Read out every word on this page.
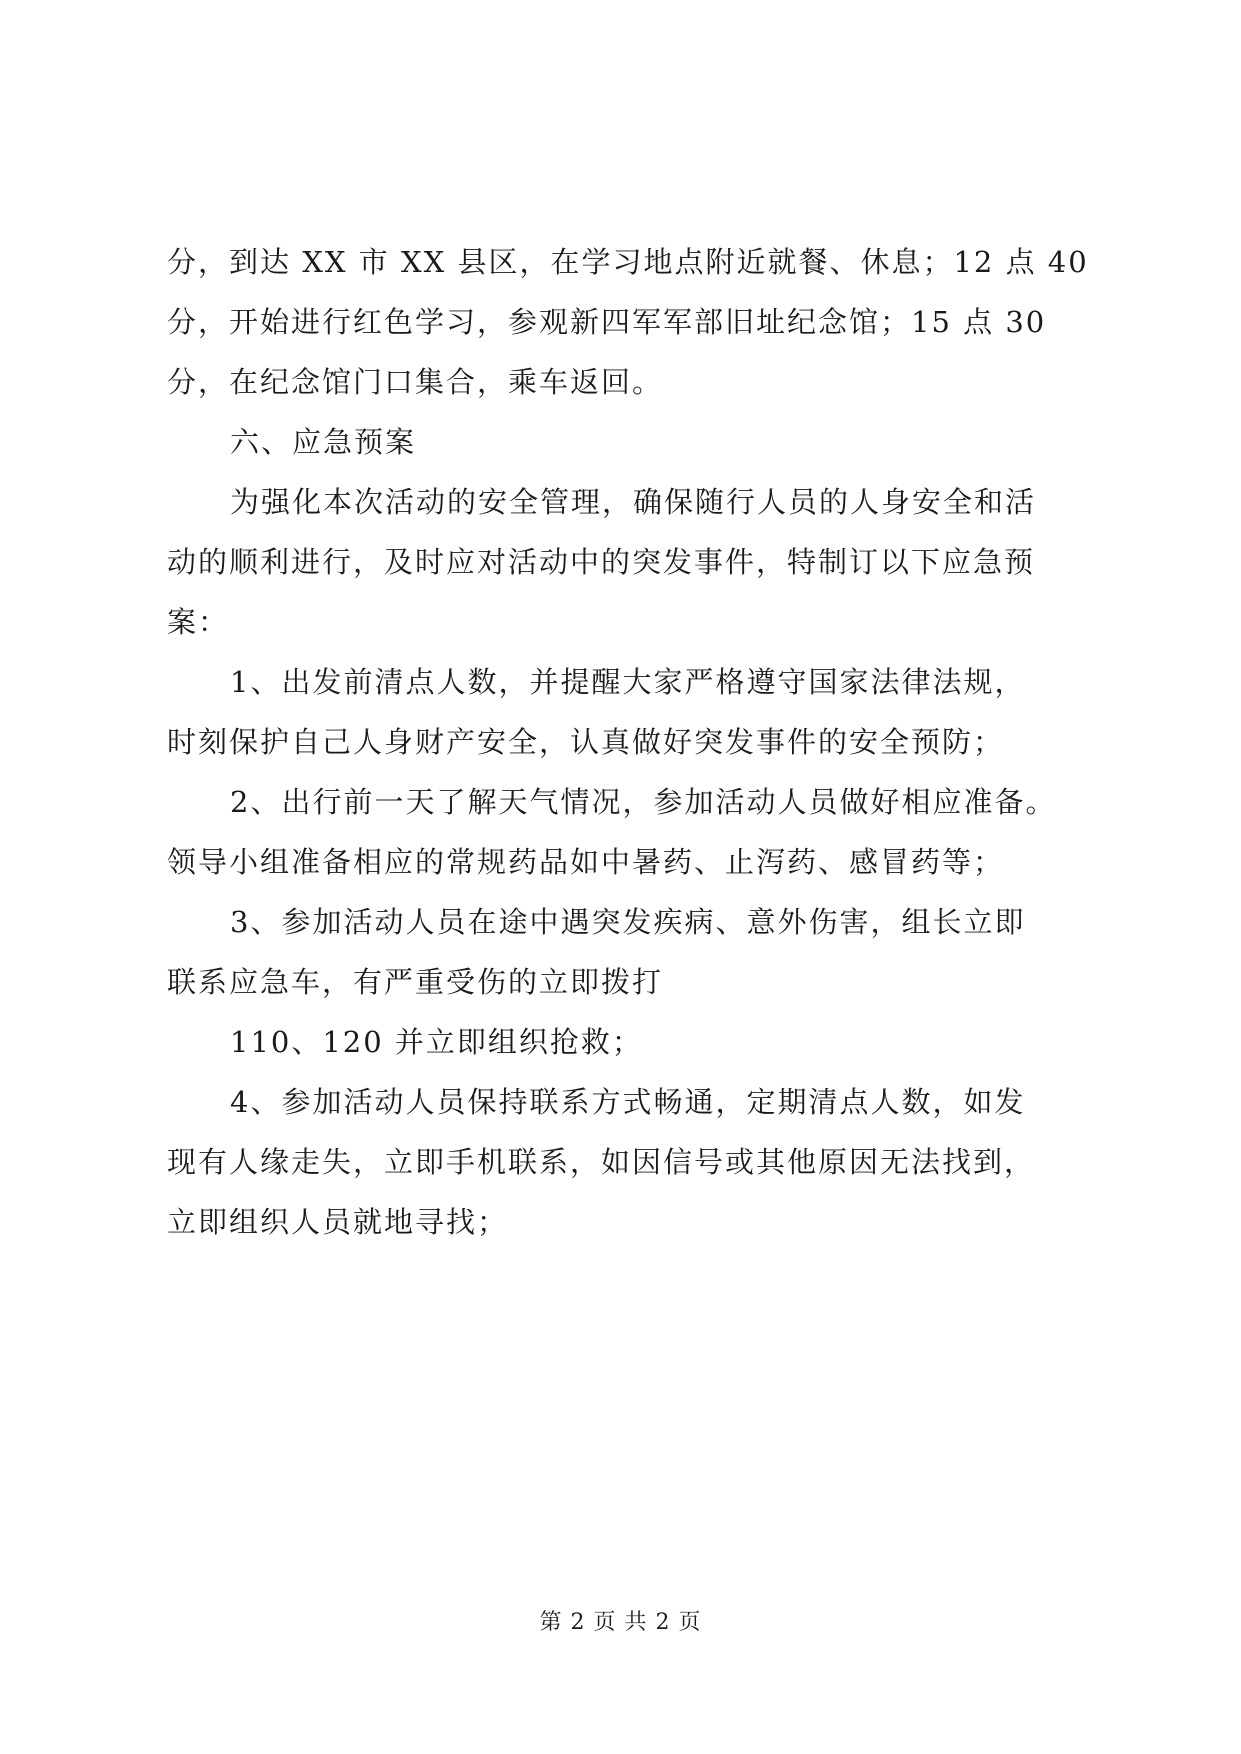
分，到达 XX 市 XX 县区，在学习地点附近就餐、休息；12 点 40
分，开始进行红色学习，参观新四军军部旧址纪念馆；15 点 30
分，在纪念馆门口集合，乘车返回。
六、应急预案
为强化本次活动的安全管理，确保随行人员的人身安全和活
动的顺利进行，及时应对活动中的突发事件，特制订以下应急预
案：
1、出发前清点人数，并提醒大家严格遵守国家法律法规，
时刻保护自己人身财产安全，认真做好突发事件的安全预防；
2、出行前一天了解天气情况，参加活动人员做好相应准备。
领导小组准备相应的常规药品如中暑药、止泻药、感冒药等；
3、参加活动人员在途中遇突发疾病、意外伤害，组长立即
联系应急车，有严重受伤的立即拨打
110、120 并立即组织抢救；
4、参加活动人员保持联系方式畅通，定期清点人数，如发
现有人缘走失，立即手机联系，如因信号或其他原因无法找到，
立即组织人员就地寻找；
第 2 页 共 2 页
